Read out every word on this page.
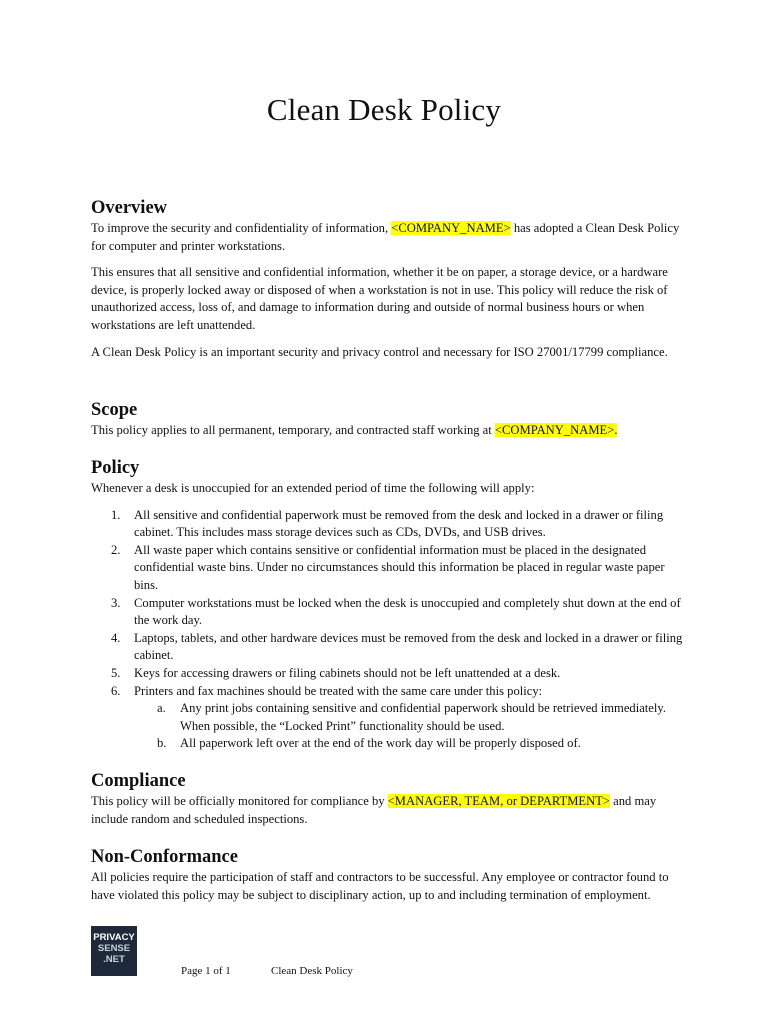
Clean Desk Policy
Overview

To improve the security and confidentiality of information, <COMPANY_NAME> has adopted a Clean Desk Policy for computer and printer workstations.

This ensures that all sensitive and confidential information, whether it be on paper, a storage device, or a hardware device, is properly locked away or disposed of when a workstation is not in use. This policy will reduce the risk of unauthorized access, loss of, and damage to information during and outside of normal business hours or when workstations are left unattended.

A Clean Desk Policy is an important security and privacy control and necessary for ISO 27001/17799 compliance.

Scope

This policy applies to all permanent, temporary, and contracted staff working at <COMPANY_NAME>.

Policy

Whenever a desk is unoccupied for an extended period of time the following will apply:

1. All sensitive and confidential paperwork must be removed from the desk and locked in a drawer or filing cabinet. This includes mass storage devices such as CDs, DVDs, and USB drives.
2. All waste paper which contains sensitive or confidential information must be placed in the designated confidential waste bins. Under no circumstances should this information be placed in regular waste paper bins.
3. Computer workstations must be locked when the desk is unoccupied and completely shut down at the end of the work day.
4. Laptops, tablets, and other hardware devices must be removed from the desk and locked in a drawer or filing cabinet.
5. Keys for accessing drawers or filing cabinets should not be left unattended at a desk.
6. Printers and fax machines should be treated with the same care under this policy:
a. Any print jobs containing sensitive and confidential paperwork should be retrieved immediately. When possible, the “Locked Print” functionality should be used.
b. All paperwork left over at the end of the work day will be properly disposed of.
Compliance

This policy will be officially monitored for compliance by <MANAGER, TEAM, or DEPARTMENT> and may include random and scheduled inspections.

Non-Conformance

All policies require the participation of staff and contractors to be successful. Any employee or contractor found to have violated this policy may be subject to disciplinary action, up to and including termination of employment.

PRIVACY
SENSE
.NET
Page 1 of 1	Clean Desk Policy
